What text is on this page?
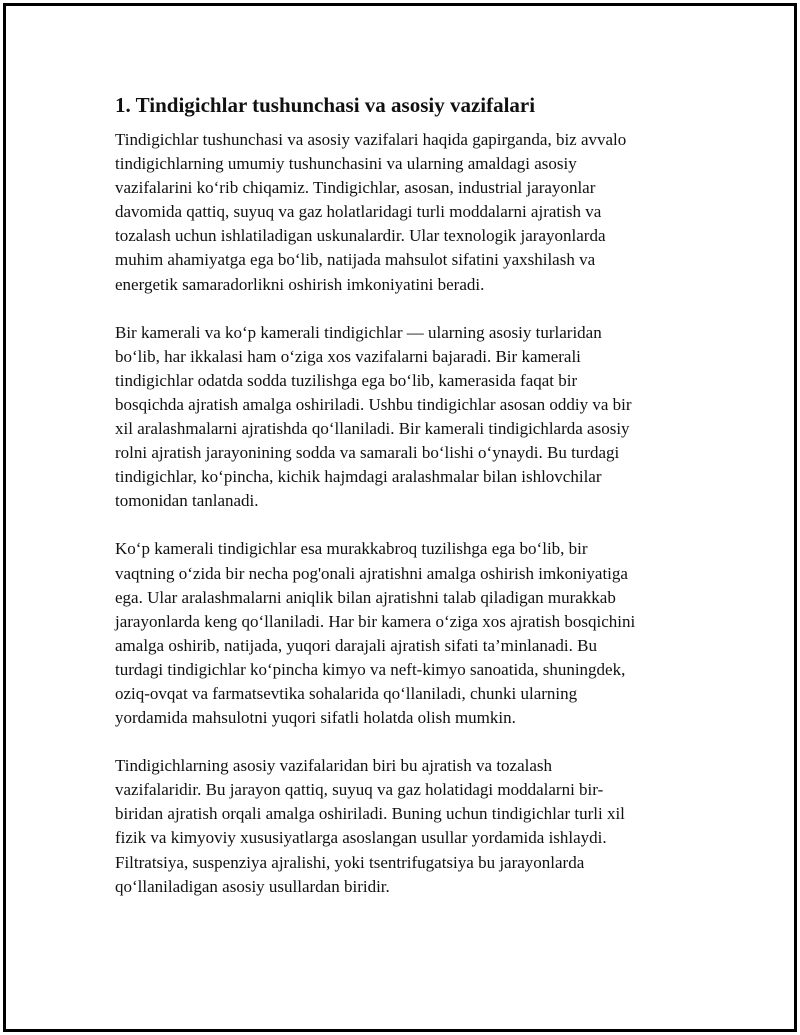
1. Tindigichlar tushunchasi va asosiy vazifalari
Tindigichlar tushunchasi va asosiy vazifalari haqida gapirganda, biz avvalo
tindigichlarning umumiy tushunchasini va ularning amaldagi asosiy
vazifalarini ko‘rib chiqamiz. Tindigichlar, asosan, industrial jarayonlar
davomida qattiq, suyuq va gaz holatlaridagi turli moddalarni ajratish va
tozalash uchun ishlatiladigan uskunalardir. Ular texnologik jarayonlarda
muhim ahamiyatga ega bo‘lib, natijada mahsulot sifatini yaxshilash va
energetik samaradorlikni oshirish imkoniyatini beradi.
Bir kamerali va ko‘p kamerali tindigichlar — ularning asosiy turlaridan
bo‘lib, har ikkalasi ham o‘ziga xos vazifalarni bajaradi. Bir kamerali
tindigichlar odatda sodda tuzilishga ega bo‘lib, kamerasida faqat bir
bosqichda ajratish amalga oshiriladi. Ushbu tindigichlar asosan oddiy va bir
xil aralashmalarni ajratishda qo‘llaniladi. Bir kamerali tindigichlarda asosiy
rolni ajratish jarayonining sodda va samarali bo‘lishi o‘ynaydi. Bu turdagi
tindigichlar, ko‘pincha, kichik hajmdagi aralashmalar bilan ishlovchilar
tomonidan tanlanadi.
Ko‘p kamerali tindigichlar esa murakkabroq tuzilishga ega bo‘lib, bir
vaqtning o‘zida bir necha pog'onali ajratishni amalga oshirish imkoniyatiga
ega. Ular aralashmalarni aniqlik bilan ajratishni talab qiladigan murakkab
jarayonlarda keng qo‘llaniladi. Har bir kamera o‘ziga xos ajratish bosqichini
amalga oshirib, natijada, yuqori darajali ajratish sifati ta’minlanadi. Bu
turdagi tindigichlar ko‘pincha kimyo va neft-kimyo sanoatida, shuningdek,
oziq-ovqat va farmatsevtika sohalarida qo‘llaniladi, chunki ularning
yordamida mahsulotni yuqori sifatli holatda olish mumkin.
Tindigichlarning asosiy vazifalaridan biri bu ajratish va tozalash
vazifalaridir. Bu jarayon qattiq, suyuq va gaz holatidagi moddalarni bir-
biridan ajratish orqali amalga oshiriladi. Buning uchun tindigichlar turli xil
fizik va kimyoviy xususiyatlarga asoslangan usullar yordamida ishlaydi.
Filtratsiya, suspenziya ajralishi, yoki tsentrifugatsiya bu jarayonlarda
qo‘llaniladigan asosiy usullardan biridir.
